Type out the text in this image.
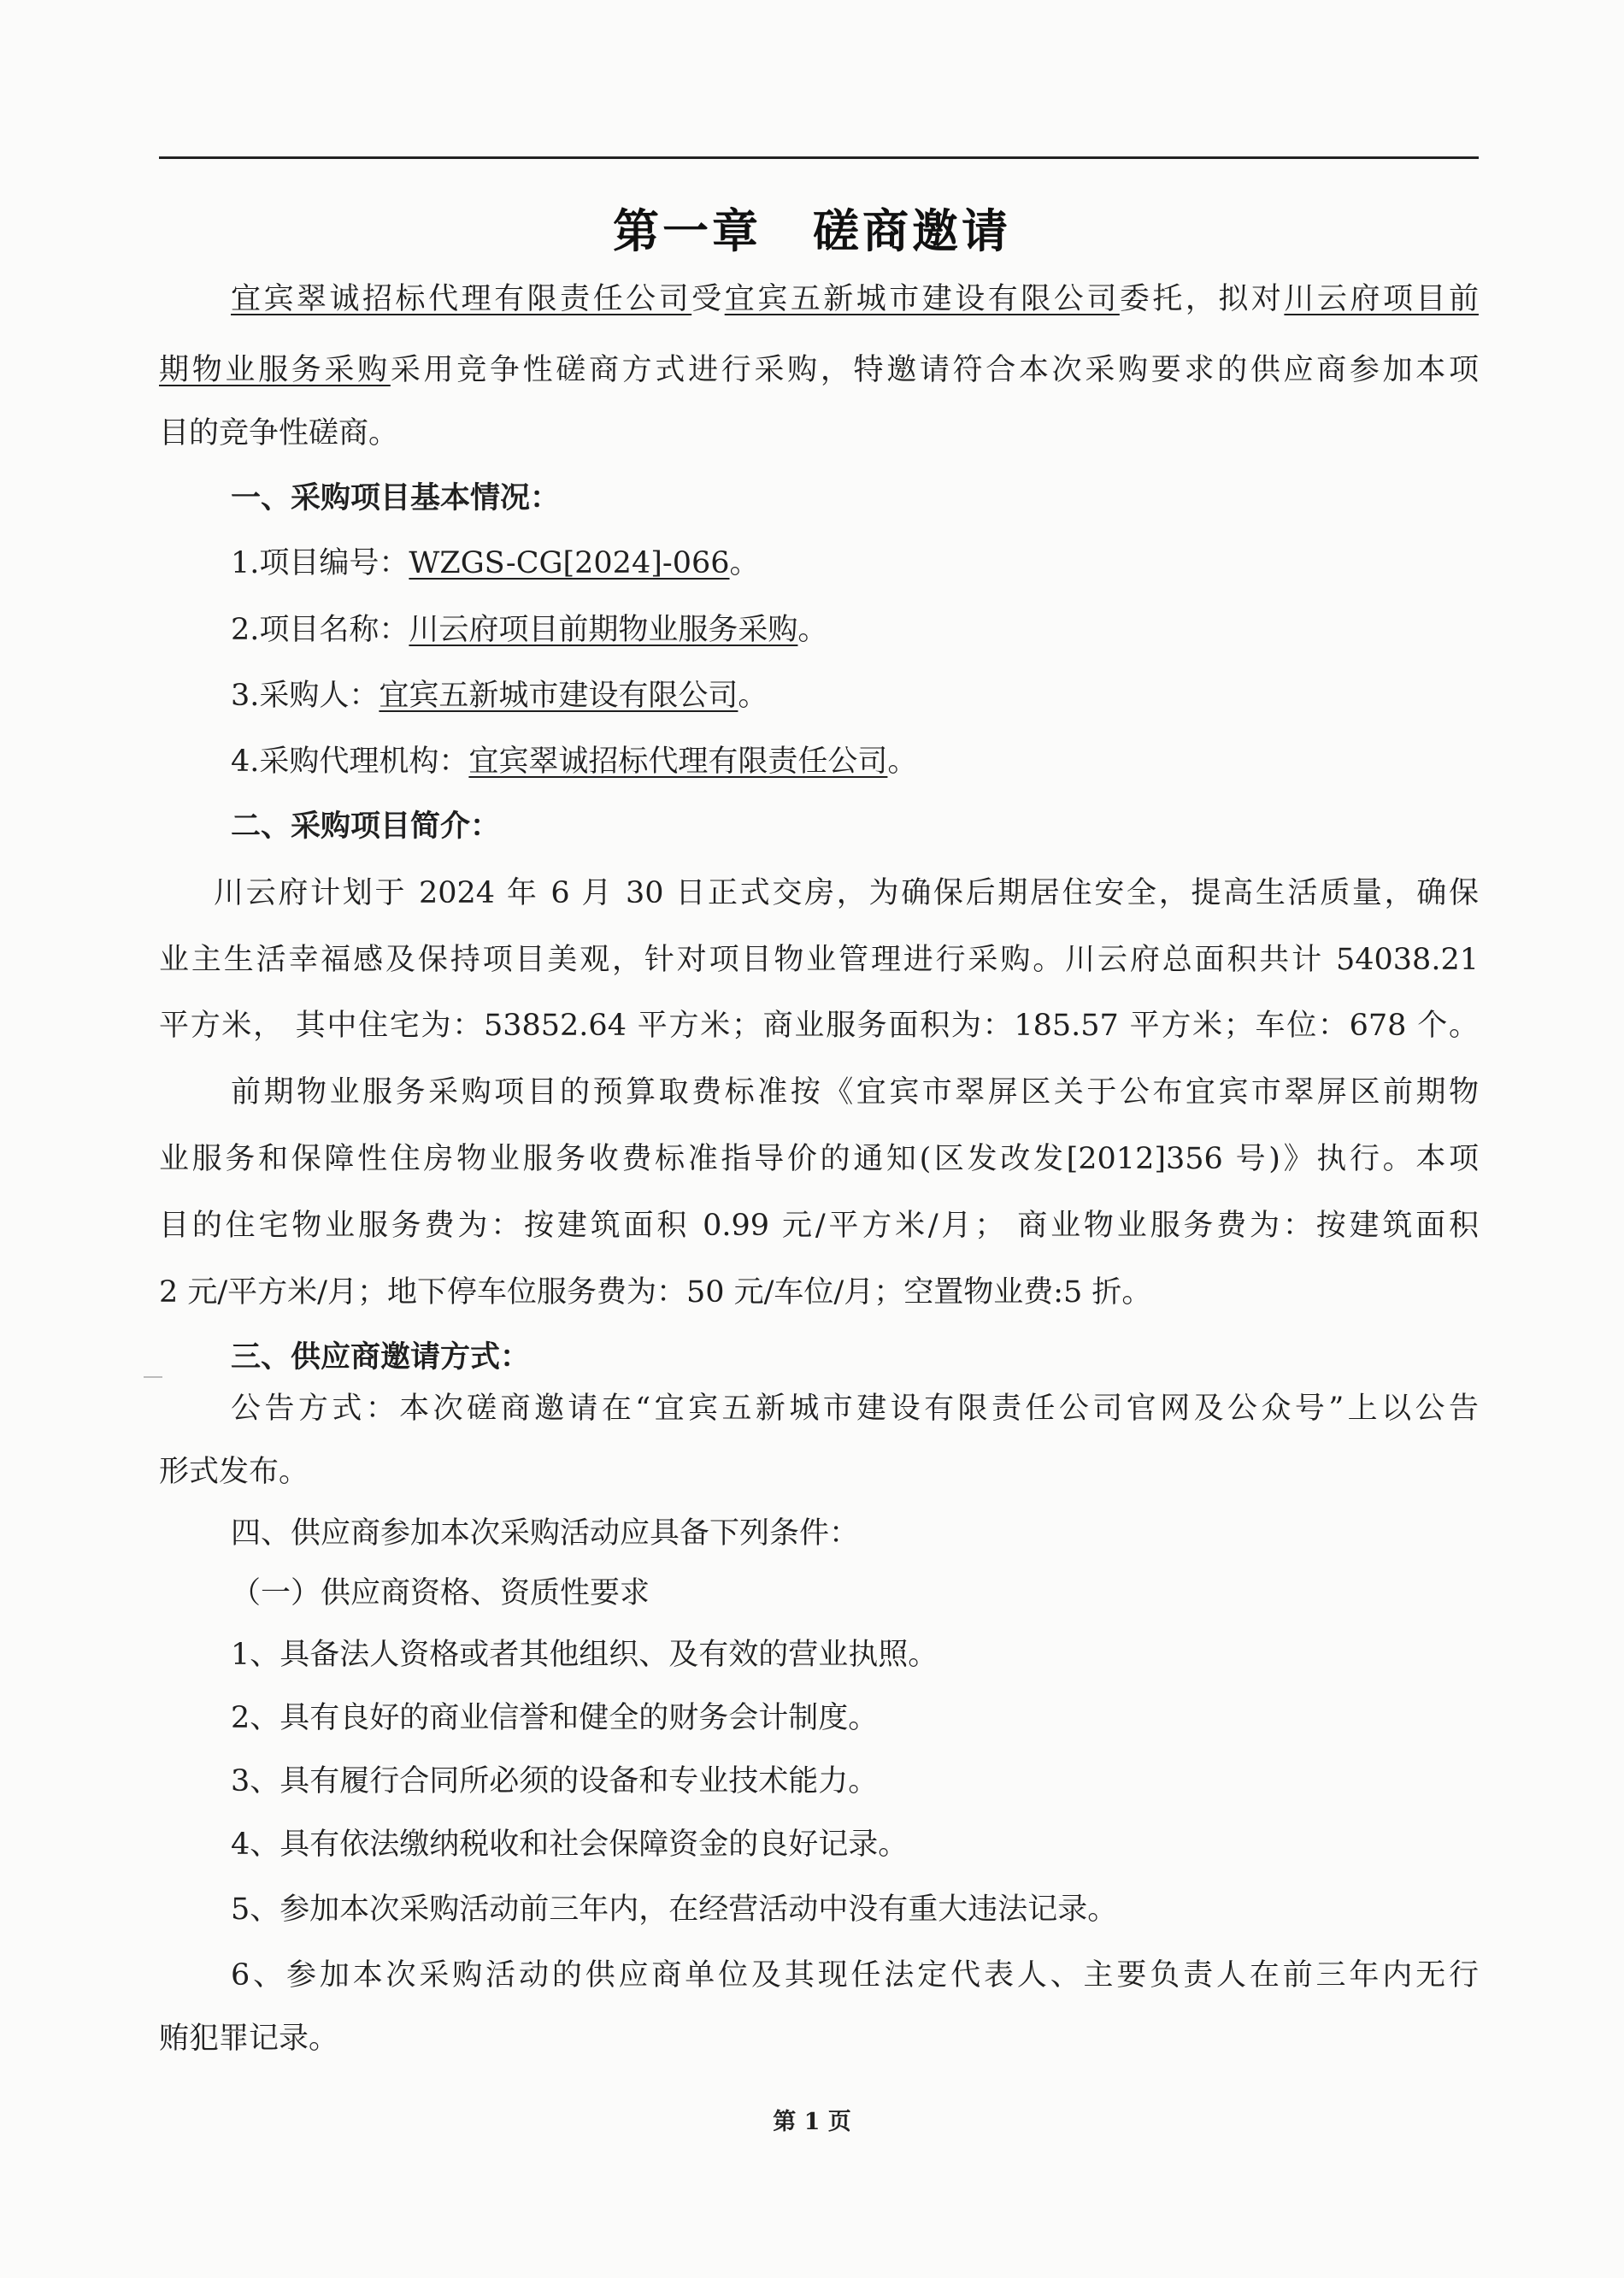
第一章 磋商邀请
宜宾翠诚招标代理有限责任公司受宜宾五新城市建设有限公司委托，拟对川云府项目前
期物业服务采购采用竞争性磋商方式进行采购，特邀请符合本次采购要求的供应商参加本项
目的竞争性磋商。
一、采购项目基本情况：
1.项目编号：WZGS-CG[2024]-066。
2.项目名称：川云府项目前期物业服务采购。
3.采购人：宜宾五新城市建设有限公司。
4.采购代理机构：宜宾翠诚招标代理有限责任公司。
二、采购项目简介：
川云府计划于 2024 年 6 月 30 日正式交房，为确保后期居住安全，提高生活质量，确保
业主生活幸福感及保持项目美观，针对项目物业管理进行采购。川云府总面积共计 54038.21
平方米， 其中住宅为：53852.64 平方米；商业服务面积为：185.57 平方米；车位：678 个。
前期物业服务采购项目的预算取费标准按《宜宾市翠屏区关于公布宜宾市翠屏区前期物
业服务和保障性住房物业服务收费标准指导价的通知(区发改发[2012]356 号)》执行。本项
目的住宅物业服务费为：按建筑面积 0.99 元/平方米/月； 商业物业服务费为：按建筑面积
2 元/平方米/月；地下停车位服务费为：50 元/车位/月；空置物业费:5 折。
三、供应商邀请方式：
公告方式：本次磋商邀请在“宜宾五新城市建设有限责任公司官网及公众号”上以公告
形式发布。
四、供应商参加本次采购活动应具备下列条件：
（一）供应商资格、资质性要求
1、具备法人资格或者其他组织、及有效的营业执照。
2、具有良好的商业信誉和健全的财务会计制度。
3、具有履行合同所必须的设备和专业技术能力。
4、具有依法缴纳税收和社会保障资金的良好记录。
5、参加本次采购活动前三年内，在经营活动中没有重大违法记录。
6、参加本次采购活动的供应商单位及其现任法定代表人、主要负责人在前三年内无行
贿犯罪记录。
第 1 页
